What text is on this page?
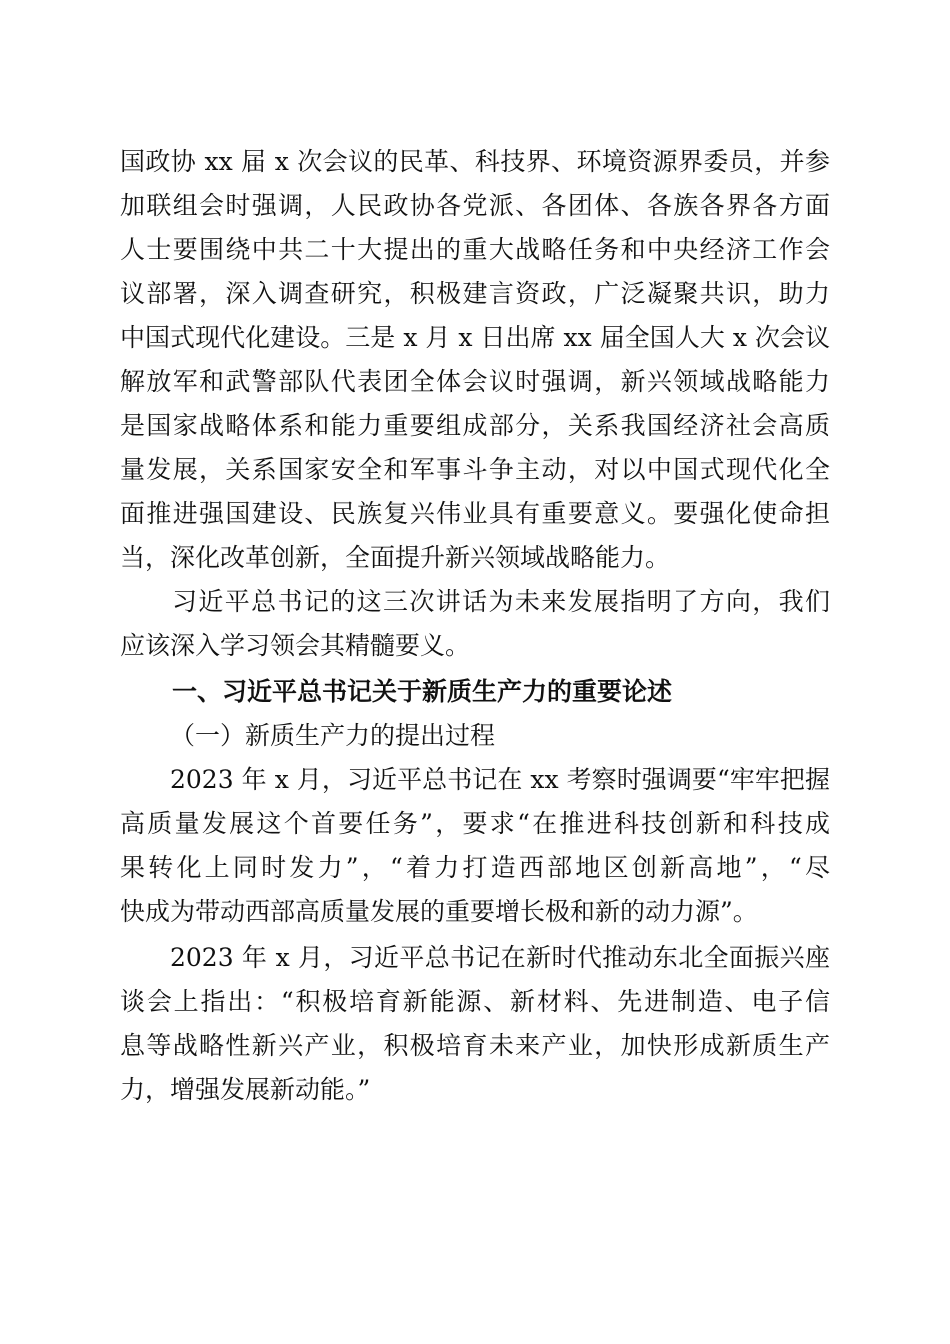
国政协 xx 届 x 次会议的民革、科技界、环境资源界委员，并参
加联组会时强调，人民政协各党派、各团体、各族各界各方面
人士要围绕中共二十大提出的重大战略任务和中央经济工作会
议部署，深入调查研究，积极建言资政，广泛凝聚共识，助力
中国式现代化建设。三是 x 月 x 日出席 xx 届全国人大 x 次会议
解放军和武警部队代表团全体会议时强调，新兴领域战略能力
是国家战略体系和能力重要组成部分，关系我国经济社会高质
量发展，关系国家安全和军事斗争主动，对以中国式现代化全
面推进强国建设、民族复兴伟业具有重要意义。要强化使命担
当，深化改革创新，全面提升新兴领域战略能力。
习近平总书记的这三次讲话为未来发展指明了方向，我们
应该深入学习领会其精髓要义。
一、习近平总书记关于新质生产力的重要论述
（一）新质生产力的提出过程
2023 年 x 月，习近平总书记在 xx 考察时强调要“牢牢把握
高质量发展这个首要任务”，要求“在推进科技创新和科技成
果转化上同时发力”，“着力打造西部地区创新高地”，“尽
快成为带动西部高质量发展的重要增长极和新的动力源”。
2023 年 x 月，习近平总书记在新时代推动东北全面振兴座
谈会上指出：“积极培育新能源、新材料、先进制造、电子信
息等战略性新兴产业，积极培育未来产业，加快形成新质生产
力，增强发展新动能。”
